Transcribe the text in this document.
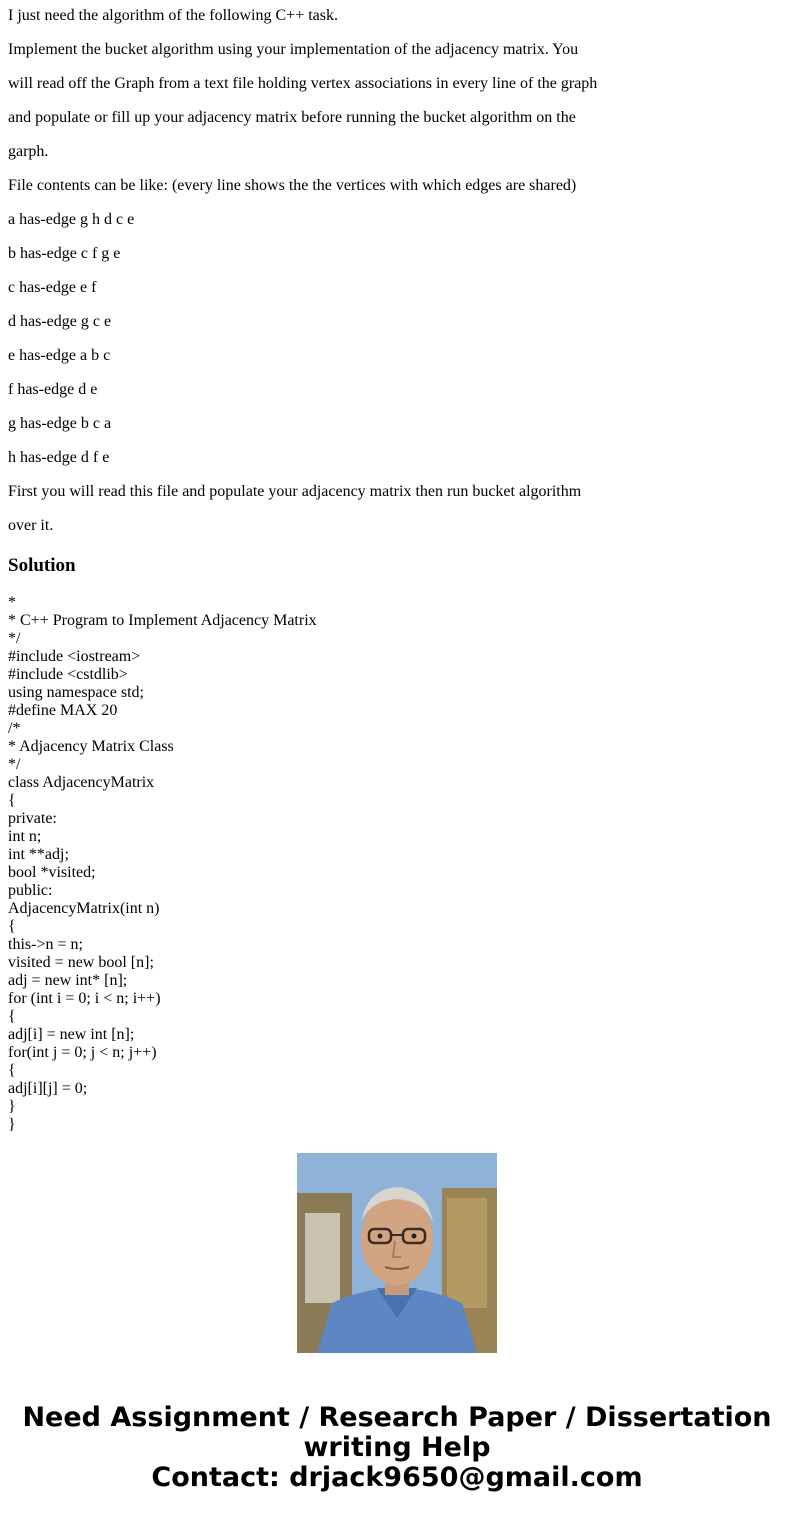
I just need the algorithm of the following C++ task.
Implement the bucket algorithm using your implementation of the adjacency matrix. You
will read off the Graph from a text file holding vertex associations in every line of the graph
and populate or fill up your adjacency matrix before running the bucket algorithm on the
garph.
File contents can be like: (every line shows the the vertices with which edges are shared)
a has-edge g h d c e
b has-edge c f g e
c has-edge e f
d has-edge g c e
e has-edge a b c
f has-edge d e
g has-edge b c a
h has-edge d f e
First you will read this file and populate your adjacency matrix then run bucket algorithm
over it.
Solution
*
* C++ Program to Implement Adjacency Matrix
*/
#include <iostream>
#include <cstdlib>
using namespace std;
#define MAX 20
/*
* Adjacency Matrix Class
*/
class AdjacencyMatrix
{
private:
int n;
int **adj;
bool *visited;
public:
AdjacencyMatrix(int n)
{
this->n = n;
visited = new bool [n];
adj = new int* [n];
for (int i = 0; i < n; i++)
{
adj[i] = new int [n];
for(int j = 0; j < n; j++)
{
adj[i][j] = 0;
}
}
Need Assignment / Research Paper / Dissertation
writing Help
Contact: drjack9650@gmail.com
